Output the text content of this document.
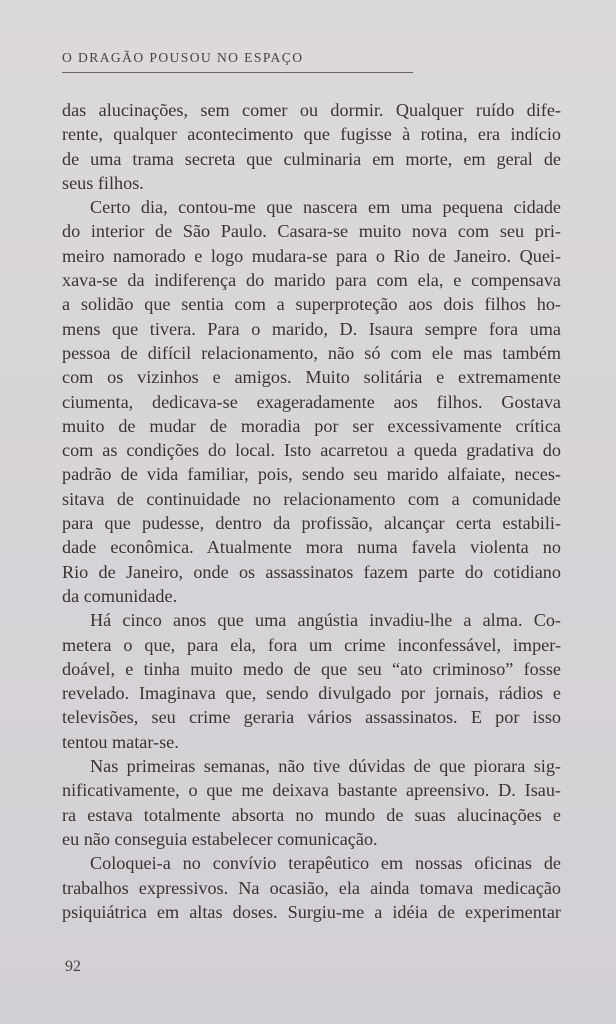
O DRAGÃO POUSOU NO ESPAÇO
das alucinações, sem comer ou dormir. Qualquer ruído dife-
rente, qualquer acontecimento que fugisse à rotina, era indício
de uma trama secreta que culminaria em morte, em geral de
seus filhos.
Certo dia, contou-me que nascera em uma pequena cidade
do interior de São Paulo. Casara-se muito nova com seu pri-
meiro namorado e logo mudara-se para o Rio de Janeiro. Quei-
xava-se da indiferença do marido para com ela, e compensava
a solidão que sentia com a superproteção aos dois filhos ho-
mens que tivera. Para o marido, D. Isaura sempre fora uma
pessoa de difícil relacionamento, não só com ele mas também
com os vizinhos e amigos. Muito solitária e extremamente
ciumenta, dedicava-se exageradamente aos filhos. Gostava
muito de mudar de moradia por ser excessivamente crítica
com as condições do local. Isto acarretou a queda gradativa do
padrão de vida familiar, pois, sendo seu marido alfaiate, neces-
sitava de continuidade no relacionamento com a comunidade
para que pudesse, dentro da profissão, alcançar certa estabili-
dade econômica. Atualmente mora numa favela violenta no
Rio de Janeiro, onde os assassinatos fazem parte do cotidiano
da comunidade.
Há cinco anos que uma angústia invadiu-lhe a alma. Co-
metera o que, para ela, fora um crime inconfessável, imper-
doável, e tinha muito medo de que seu “ato criminoso” fosse
revelado. Imaginava que, sendo divulgado por jornais, rádios e
televisões, seu crime geraria vários assassinatos. E por isso
tentou matar-se.
Nas primeiras semanas, não tive dúvidas de que piorara sig-
nificativamente, o que me deixava bastante apreensivo. D. Isau-
ra estava totalmente absorta no mundo de suas alucinações e
eu não conseguia estabelecer comunicação.
Coloquei-a no convívio terapêutico em nossas oficinas de
trabalhos expressivos. Na ocasião, ela ainda tomava medicação
psiquiátrica em altas doses. Surgiu-me a idéia de experimentar
92
